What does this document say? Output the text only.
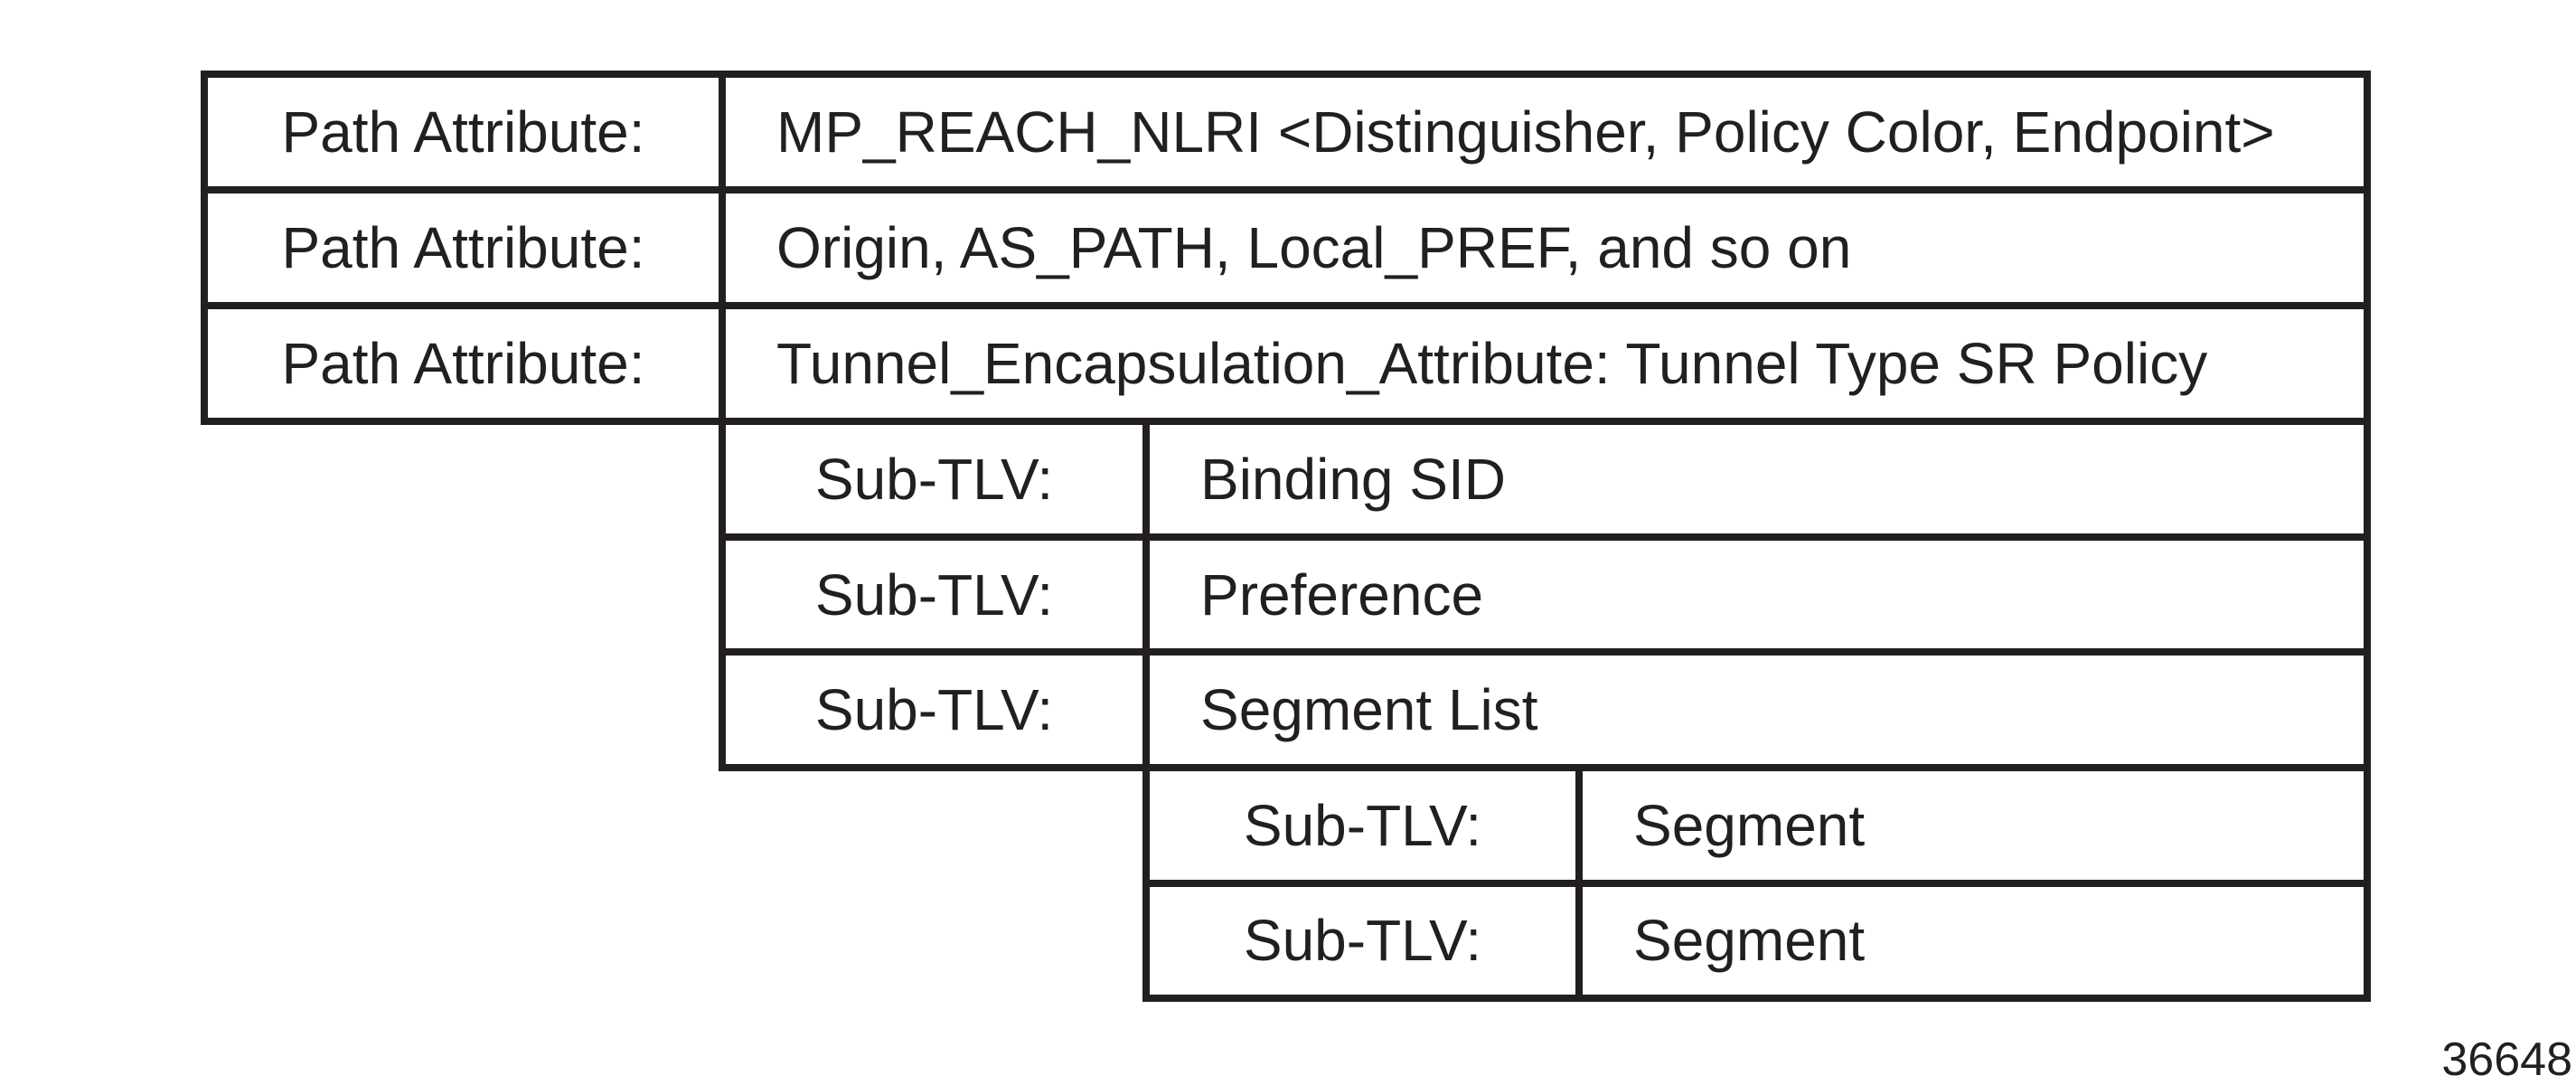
Path Attribute:	MP_REACH_NLRI <Distinguisher, Policy Color, Endpoint>
Path Attribute:	Origin, AS_PATH, Local_PREF, and so on
Path Attribute:	Tunnel_Encapsulation_Attribute: Tunnel Type SR Policy
Sub-TLV:	Binding SID
Sub-TLV:	Preference
Sub-TLV:	Segment List
Sub-TLV:	Segment
Sub-TLV:	Segment
36648
